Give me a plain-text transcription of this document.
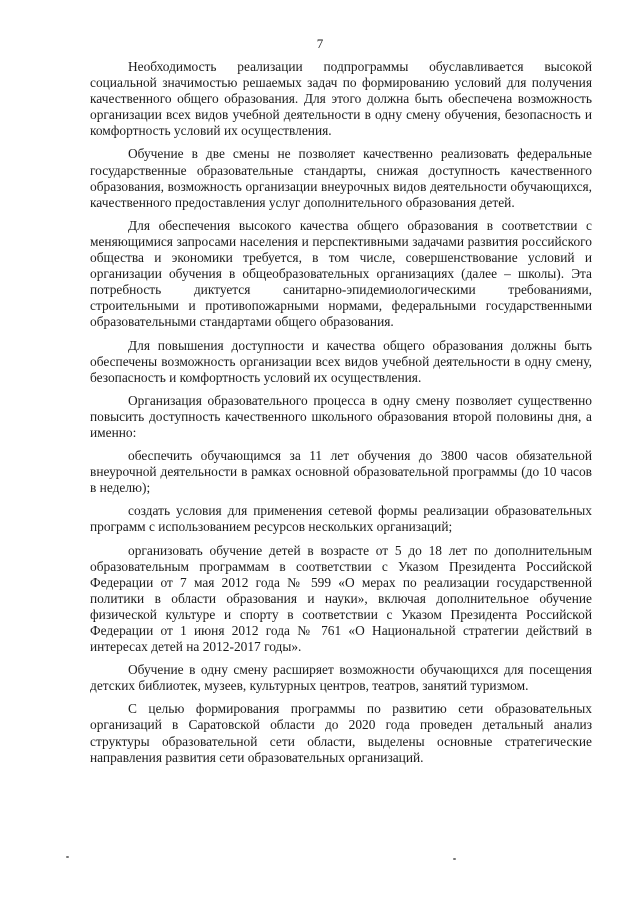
7

Необходимость реализации подпрограммы обуславливается высокой социальной значимостью решаемых задач по формированию условий для получения качественного общего образования. Для этого должна быть обеспечена возможность организации всех видов учебной деятельности в одну смену обучения, безопасность и комфортность условий их осуществления.

Обучение в две смены не позволяет качественно реализовать федеральные государственные образовательные стандарты, снижая доступность качественного образования, возможность организации внеурочных видов деятельности обучающихся, качественного предоставления услуг дополнительного образования детей.

Для обеспечения высокого качества общего образования в соответствии с меняющимися запросами населения и перспективными задачами развития российского общества и экономики требуется, в том числе, совершенствование условий и организации обучения в общеобразовательных организациях (далее – школы). Эта потребность диктуется санитарно-эпидемиологическими требованиями, строительными и противопожарными нормами, федеральными государственными образовательными стандартами общего образования.

Для повышения доступности и качества общего образования должны быть обеспечены возможность организации всех видов учебной деятельности в одну смену, безопасность и комфортность условий их осуществления.

Организация образовательного процесса в одну смену позволяет существенно повысить доступность качественного школьного образования второй половины дня, а именно:

обеспечить обучающимся за 11 лет обучения до 3800 часов обязательной внеурочной деятельности в рамках основной образовательной программы (до 10 часов в неделю);

создать условия для применения сетевой формы реализации образовательных программ с использованием ресурсов нескольких организаций;

организовать обучение детей в возрасте от 5 до 18 лет по дополнительным образовательным программам в соответствии с Указом Президента Российской Федерации от 7 мая 2012 года № 599 «О мерах по реализации государственной политики в области образования и науки», включая дополнительное обучение физической культуре и спорту в соответствии с Указом Президента Российской Федерации от 1 июня 2012 года № 761 «О Национальной стратегии действий в интересах детей на 2012-2017 годы».

Обучение в одну смену расширяет возможности обучающихся для посещения детских библиотек, музеев, культурных центров, театров, занятий туризмом.

С целью формирования программы по развитию сети образовательных организаций в Саратовской области до 2020 года проведен детальный анализ структуры образовательной сети области, выделены основные стратегические направления развития сети образовательных организаций.
